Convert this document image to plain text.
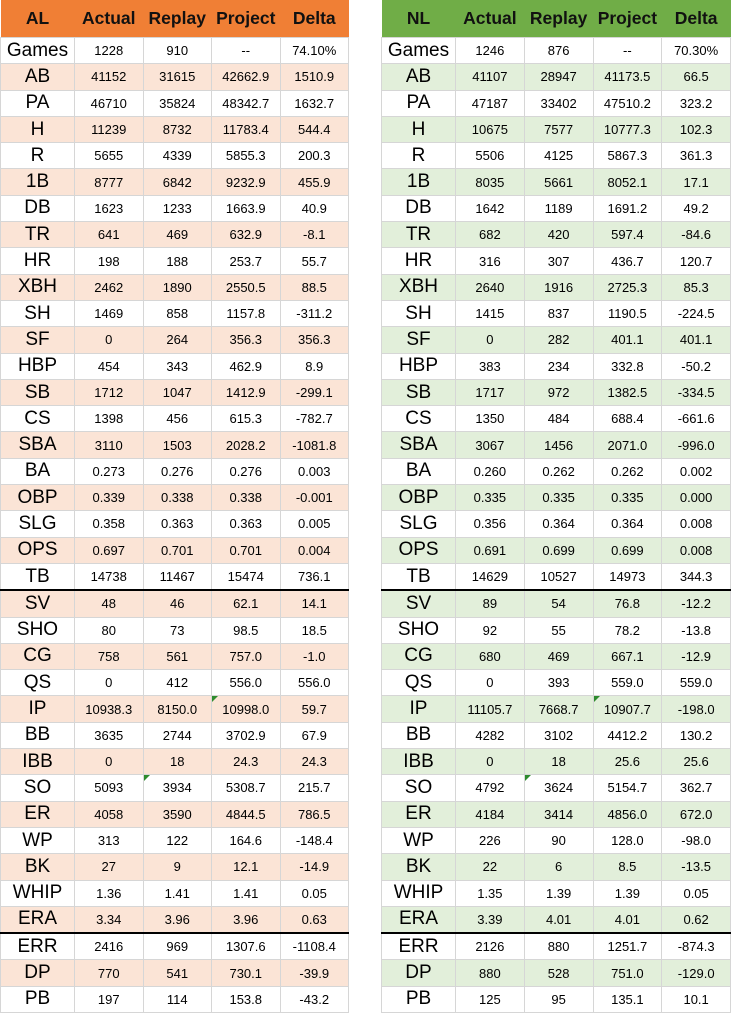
AL	Actual	Replay	Project	Delta
Games	1228	910	--	74.10%
AB	41152	31615	42662.9	1510.9
PA	46710	35824	48342.7	1632.7
H	11239	8732	11783.4	544.4
R	5655	4339	5855.3	200.3
1B	8777	6842	9232.9	455.9
DB	1623	1233	1663.9	40.9
TR	641	469	632.9	-8.1
HR	198	188	253.7	55.7
XBH	2462	1890	2550.5	88.5
SH	1469	858	1157.8	-311.2
SF	0	264	356.3	356.3
HBP	454	343	462.9	8.9
SB	1712	1047	1412.9	-299.1
CS	1398	456	615.3	-782.7
SBA	3110	1503	2028.2	-1081.8
BA	0.273	0.276	0.276	0.003
OBP	0.339	0.338	0.338	-0.001
SLG	0.358	0.363	0.363	0.005
OPS	0.697	0.701	0.701	0.004
TB	14738	11467	15474	736.1
SV	48	46	62.1	14.1
SHO	80	73	98.5	18.5
CG	758	561	757.0	-1.0
QS	0	412	556.0	556.0
IP	10938.3	8150.0	10998.0	59.7
BB	3635	2744	3702.9	67.9
IBB	0	18	24.3	24.3
SO	5093	3934	5308.7	215.7
ER	4058	3590	4844.5	786.5
WP	313	122	164.6	-148.4
BK	27	9	12.1	-14.9
WHIP	1.36	1.41	1.41	0.05
ERA	3.34	3.96	3.96	0.63
ERR	2416	969	1307.6	-1108.4
DP	770	541	730.1	-39.9
PB	197	114	153.8	-43.2
NL	Actual	Replay	Project	Delta
Games	1246	876	--	70.30%
AB	41107	28947	41173.5	66.5
PA	47187	33402	47510.2	323.2
H	10675	7577	10777.3	102.3
R	5506	4125	5867.3	361.3
1B	8035	5661	8052.1	17.1
DB	1642	1189	1691.2	49.2
TR	682	420	597.4	-84.6
HR	316	307	436.7	120.7
XBH	2640	1916	2725.3	85.3
SH	1415	837	1190.5	-224.5
SF	0	282	401.1	401.1
HBP	383	234	332.8	-50.2
SB	1717	972	1382.5	-334.5
CS	1350	484	688.4	-661.6
SBA	3067	1456	2071.0	-996.0
BA	0.260	0.262	0.262	0.002
OBP	0.335	0.335	0.335	0.000
SLG	0.356	0.364	0.364	0.008
OPS	0.691	0.699	0.699	0.008
TB	14629	10527	14973	344.3
SV	89	54	76.8	-12.2
SHO	92	55	78.2	-13.8
CG	680	469	667.1	-12.9
QS	0	393	559.0	559.0
IP	11105.7	7668.7	10907.7	-198.0
BB	4282	3102	4412.2	130.2
IBB	0	18	25.6	25.6
SO	4792	3624	5154.7	362.7
ER	4184	3414	4856.0	672.0
WP	226	90	128.0	-98.0
BK	22	6	8.5	-13.5
WHIP	1.35	1.39	1.39	0.05
ERA	3.39	4.01	4.01	0.62
ERR	2126	880	1251.7	-874.3
DP	880	528	751.0	-129.0
PB	125	95	135.1	10.1
